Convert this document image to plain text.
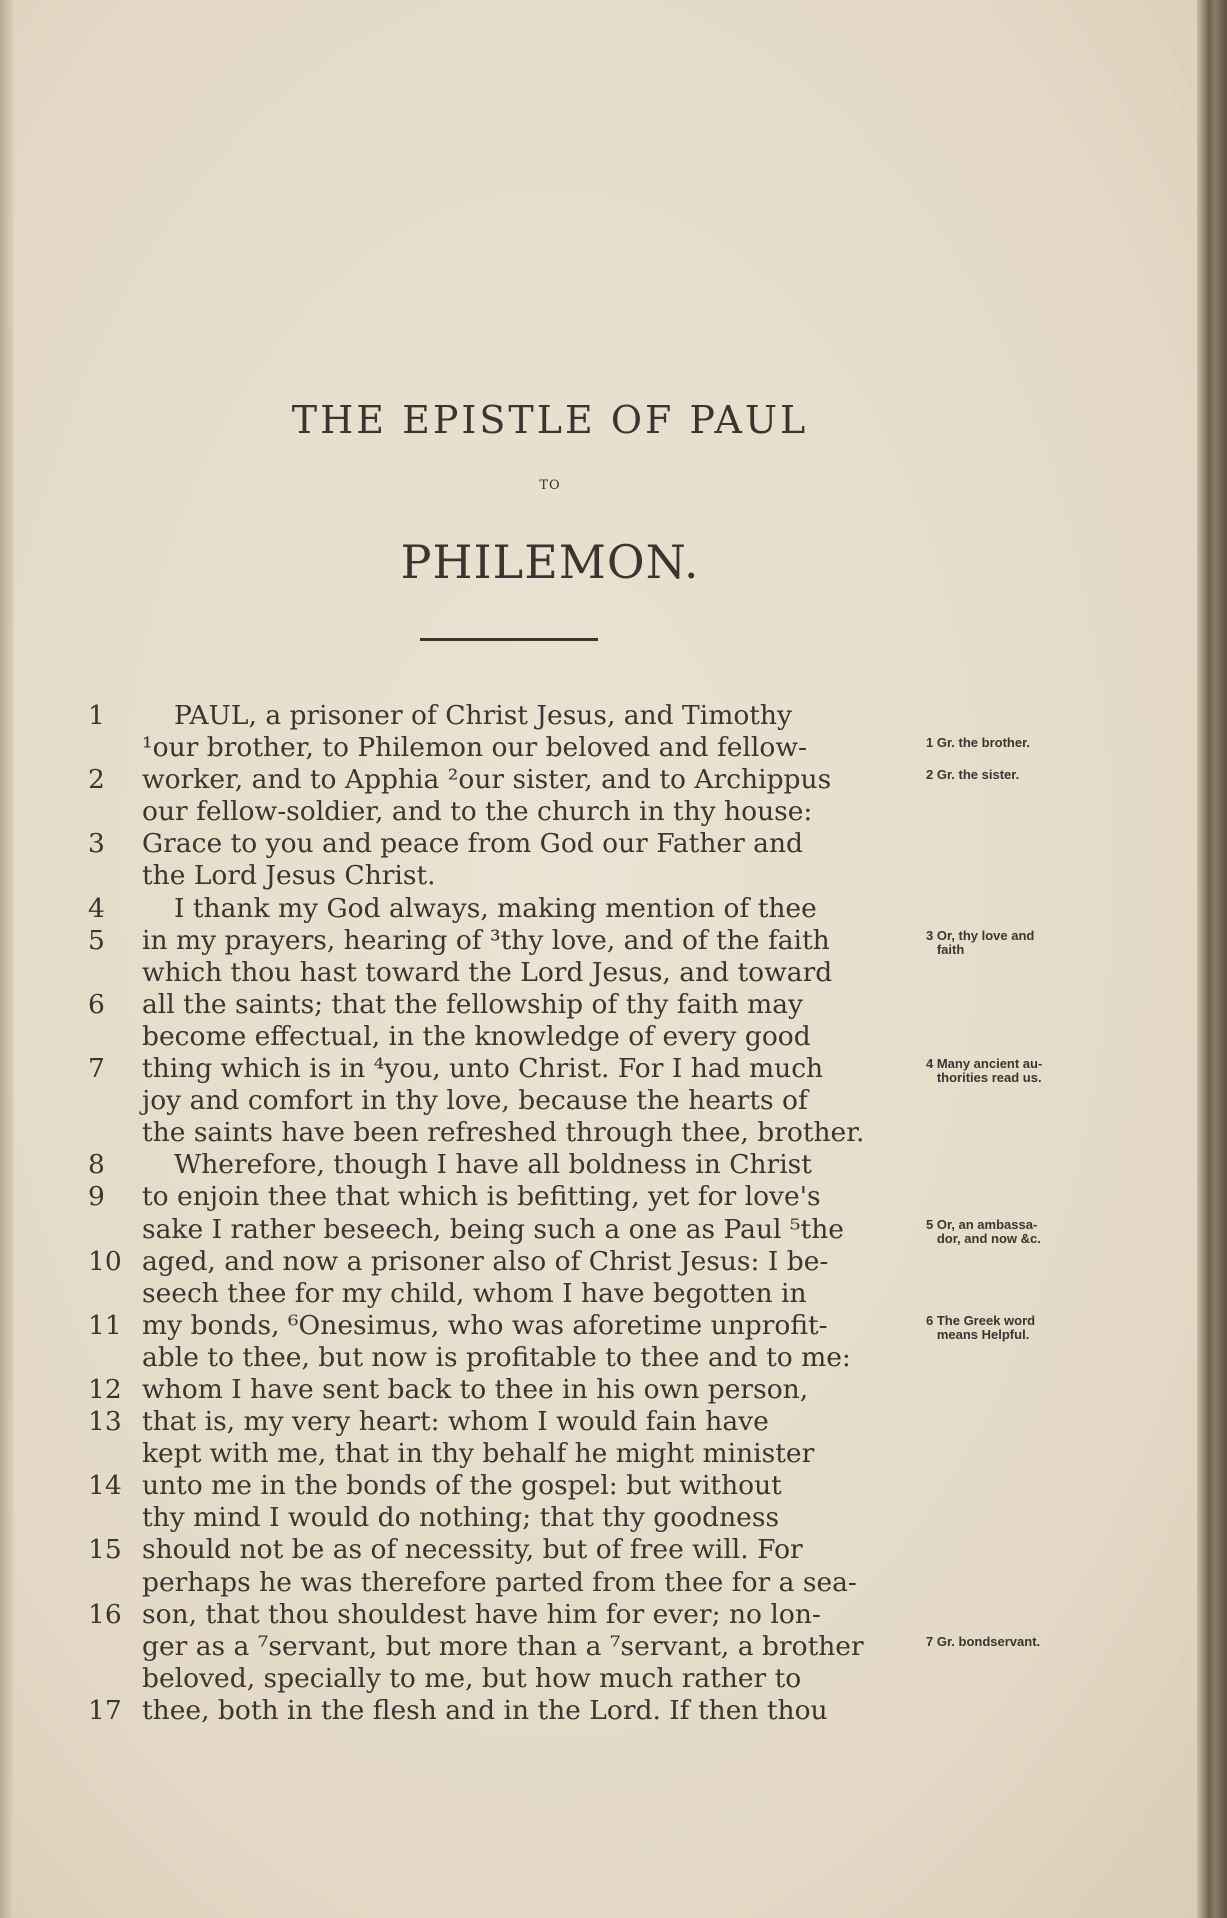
THE EPISTLE OF PAUL
TO
PHILEMON.
1	PAUL, a prisoner of Christ Jesus, and Timothy
¹our brother, to Philemon our beloved and fellow-	1 Gr. the brother.
2	worker, and to Apphia ²our sister, and to Archippus	2 Gr. the sister.
our fellow-soldier, and to the church in thy house:
3	Grace to you and peace from God our Father and
the Lord Jesus Christ.
4	I thank my God always, making mention of thee
5	in my prayers, hearing of ³thy love, and of the faith	3 Or, thy love and
faith
which thou hast toward the Lord Jesus, and toward
6	all the saints; that the fellowship of thy faith may
become effectual, in the knowledge of every good
7	thing which is in ⁴you, unto Christ. For I had much	4 Many ancient au-
thorities read us.
joy and comfort in thy love, because the hearts of
the saints have been refreshed through thee, brother.
8	Wherefore, though I have all boldness in Christ
9	to enjoin thee that which is befitting, yet for love's
sake I rather beseech, being such a one as Paul ⁵the	5 Or, an ambassa-
dor, and now &c.
10 aged, and now a prisoner also of Christ Jesus: I be-
seech thee for my child, whom I have begotten in
11 my bonds, ⁶Onesimus, who was aforetime unprofit-	6 The Greek word
means Helpful.
able to thee, but now is profitable to thee and to me:
12 whom I have sent back to thee in his own person,
13 that is, my very heart: whom I would fain have
kept with me, that in thy behalf he might minister
14 unto me in the bonds of the gospel: but without
thy mind I would do nothing; that thy goodness
15 should not be as of necessity, but of free will. For
perhaps he was therefore parted from thee for a sea-
16 son, that thou shouldest have him for ever; no lon-
ger as a ⁷servant, but more than a ⁷servant, a brother	7 Gr. bondservant.
beloved, specially to me, but how much rather to
17 thee, both in the flesh and in the Lord. If then thou
